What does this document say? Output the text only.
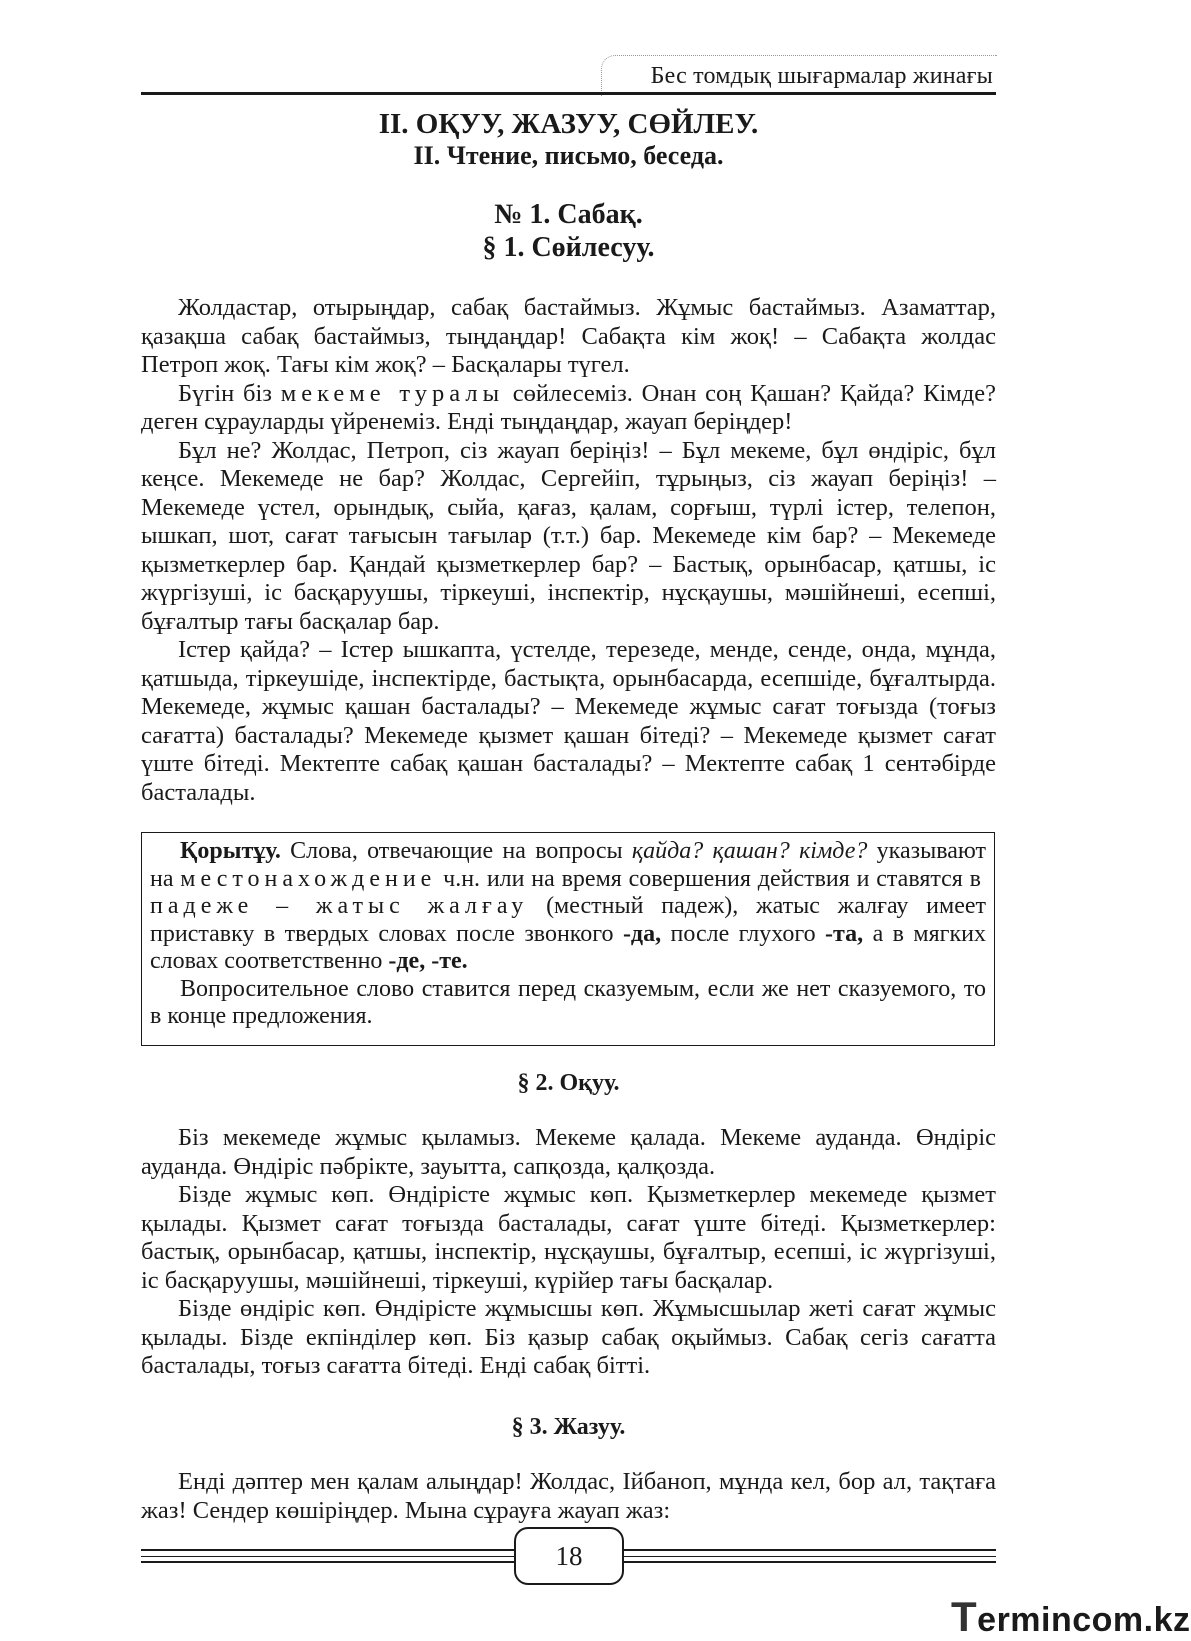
Бес томдық шығармалар жинағы
II. ОҚУУ, ЖАЗУУ, СӨЙЛЕУ.
II. Чтение, письмо, беседа.
№ 1. Сабақ.
§ 1. Сөйлесуу.

Жолдастар, отырыңдар, сабақ бастаймыз. Жұмыс бастаймыз. Азаматтар, қазақша сабақ бастаймыз, тыңдаңдар! Сабақта кім жоқ! – Сабақта жолдас Петроп жоқ. Тағы кім жоқ? – Басқалары түгел.

Бүгін біз мекеме туралы сөйлесеміз. Онан соң Қашан? Қайда? Кімде? деген сұрауларды үйренеміз. Енді тыңдаңдар, жауап беріңдер!

Бұл не? Жолдас, Петроп, сіз жауап беріңіз! – Бұл мекеме, бұл өндіріс, бұл кеңсе. Мекемеде не бар? Жолдас, Сергейіп, тұрыңыз, сіз жауап беріңіз! – Мекемеде үстел, орындық, сыйа, қағаз, қалам, сорғыш, түрлі істер, телепон, ышкап, шот, сағат тағысын тағылар (т.т.) бар. Мекемеде кім бар? – Мекемеде қызметкерлер бар. Қандай қызметкерлер бар? – Бастық, орынбасар, қатшы, іс жүргізуші, іс басқаруушы, тіркеуші, інспектір, нұсқаушы, мәшійнеші, есепші, бұғалтыр тағы басқалар бар.

Істер қайда? – Істер ышкапта, үстелде, терезеде, менде, сенде, онда, мұнда, қатшыда, тіркеушіде, інспектірде, бастықта, орынбасарда, есепшіде, бұғалтырда. Мекемеде, жұмыс қашан басталады? – Мекемеде жұмыс сағат тоғызда (тоғыз сағатта) басталады? Мекемеде қызмет қашан бітеді? – Мекемеде қызмет сағат үште бітеді. Мектепте сабақ қашан басталады? – Мектепте сабақ 1 сентәбірде басталады.

Қорытұу. Слова, отвечающие на вопросы қайда? қашан? кімде? указывают на местонахождение ч.н. или на время совершения действия и ставятся в падеже – жатыс жалғау (местный падеж), жатыс жалғау имеет приставку в твердых словах после звонкого -да, после глухого -та, а в мягких словах соответственно -де, -те.

Вопросительное слово ставится перед сказуемым, если же нет сказуемого, то в конце предложения.

§ 2. Оқуу.

Біз мекемеде жұмыс қыламыз. Мекеме қалада. Мекеме ауданда. Өндіріс ауданда. Өндіріс пәбрікте, зауытта, сапқозда, қалқозда.

Бізде жұмыс көп. Өндірісте жұмыс көп. Қызметкерлер мекемеде қызмет қылады. Қызмет сағат тоғызда басталады, сағат үште бітеді. Қызметкерлер: бастық, орынбасар, қатшы, інспектір, нұсқаушы, бұғалтыр, есепші, іс жүргізуші, іс басқаруушы, мәшійнеші, тіркеуші, күрійер тағы басқалар.

Бізде өндіріс көп. Өндірісте жұмысшы көп. Жұмысшылар жеті сағат жұмыс қылады. Бізде екпінділер көп. Біз қазыр сабақ оқыймыз. Сабақ сегіз сағатта басталады, тоғыз сағатта бітеді. Енді сабақ бітті.

§ 3. Жазуу.

Енді дәптер мен қалам алыңдар! Жолдас, Ійбаноп, мұнда кел, бор ал, тақтаға жаз! Сендер көшіріңдер. Мына сұрауға жауап жаз:

18
Termincom.kz
